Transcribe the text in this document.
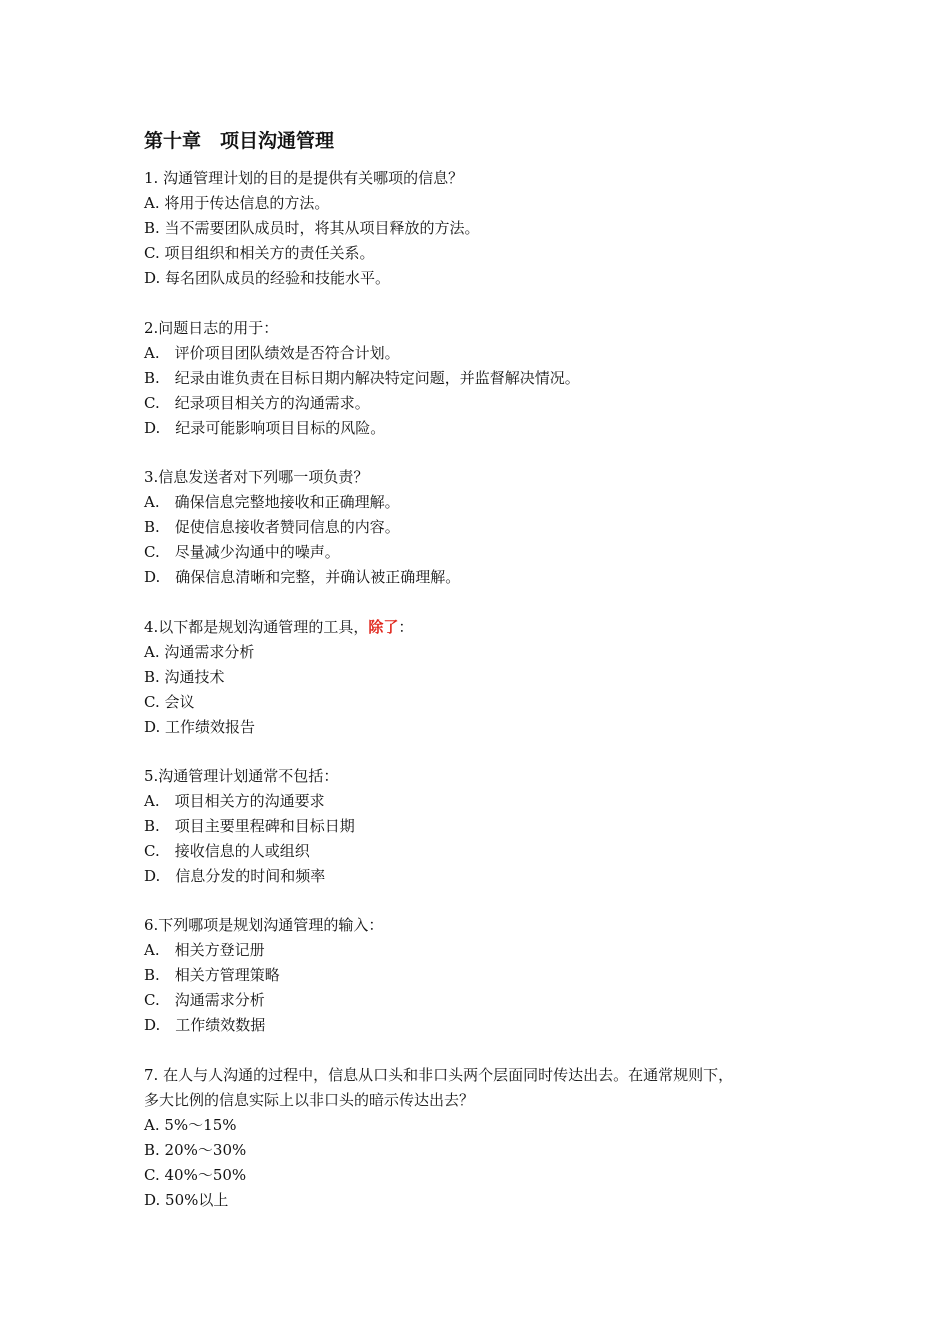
第十章　项目沟通管理

1. 沟通管理计划的目的是提供有关哪项的信息？

A. 将用于传达信息的方法。

B. 当不需要团队成员时，将其从项目释放的方法。

C. 项目组织和相关方的责任关系。

D. 每名团队成员的经验和技能水平。

2.问题日志的用于：

A.　评价项目团队绩效是否符合计划。

B.　纪录由谁负责在目标日期内解决特定问题，并监督解决情况。

C.　纪录项目相关方的沟通需求。

D.　纪录可能影响项目目标的风险。

3.信息发送者对下列哪一项负责？

A.　确保信息完整地接收和正确理解。

B.　促使信息接收者赞同信息的内容。

C.　尽量减少沟通中的噪声。

D.　确保信息清晰和完整，并确认被正确理解。

4.以下都是规划沟通管理的工具，除了：

A. 沟通需求分析

B. 沟通技术

C. 会议

D. 工作绩效报告

5.沟通管理计划通常不包括：

A.　项目相关方的沟通要求

B.　项目主要里程碑和目标日期

C.　接收信息的人或组织

D.　信息分发的时间和频率

6.下列哪项是规划沟通管理的输入：

A.　相关方登记册

B.　相关方管理策略

C.　沟通需求分析

D.　工作绩效数据

7. 在人与人沟通的过程中，信息从口头和非口头两个层面同时传达出去。在通常规则下，

多大比例的信息实际上以非口头的暗示传达出去？

A. 5%～15%

B. 20%～30%

C. 40%～50%

D. 50%以上
